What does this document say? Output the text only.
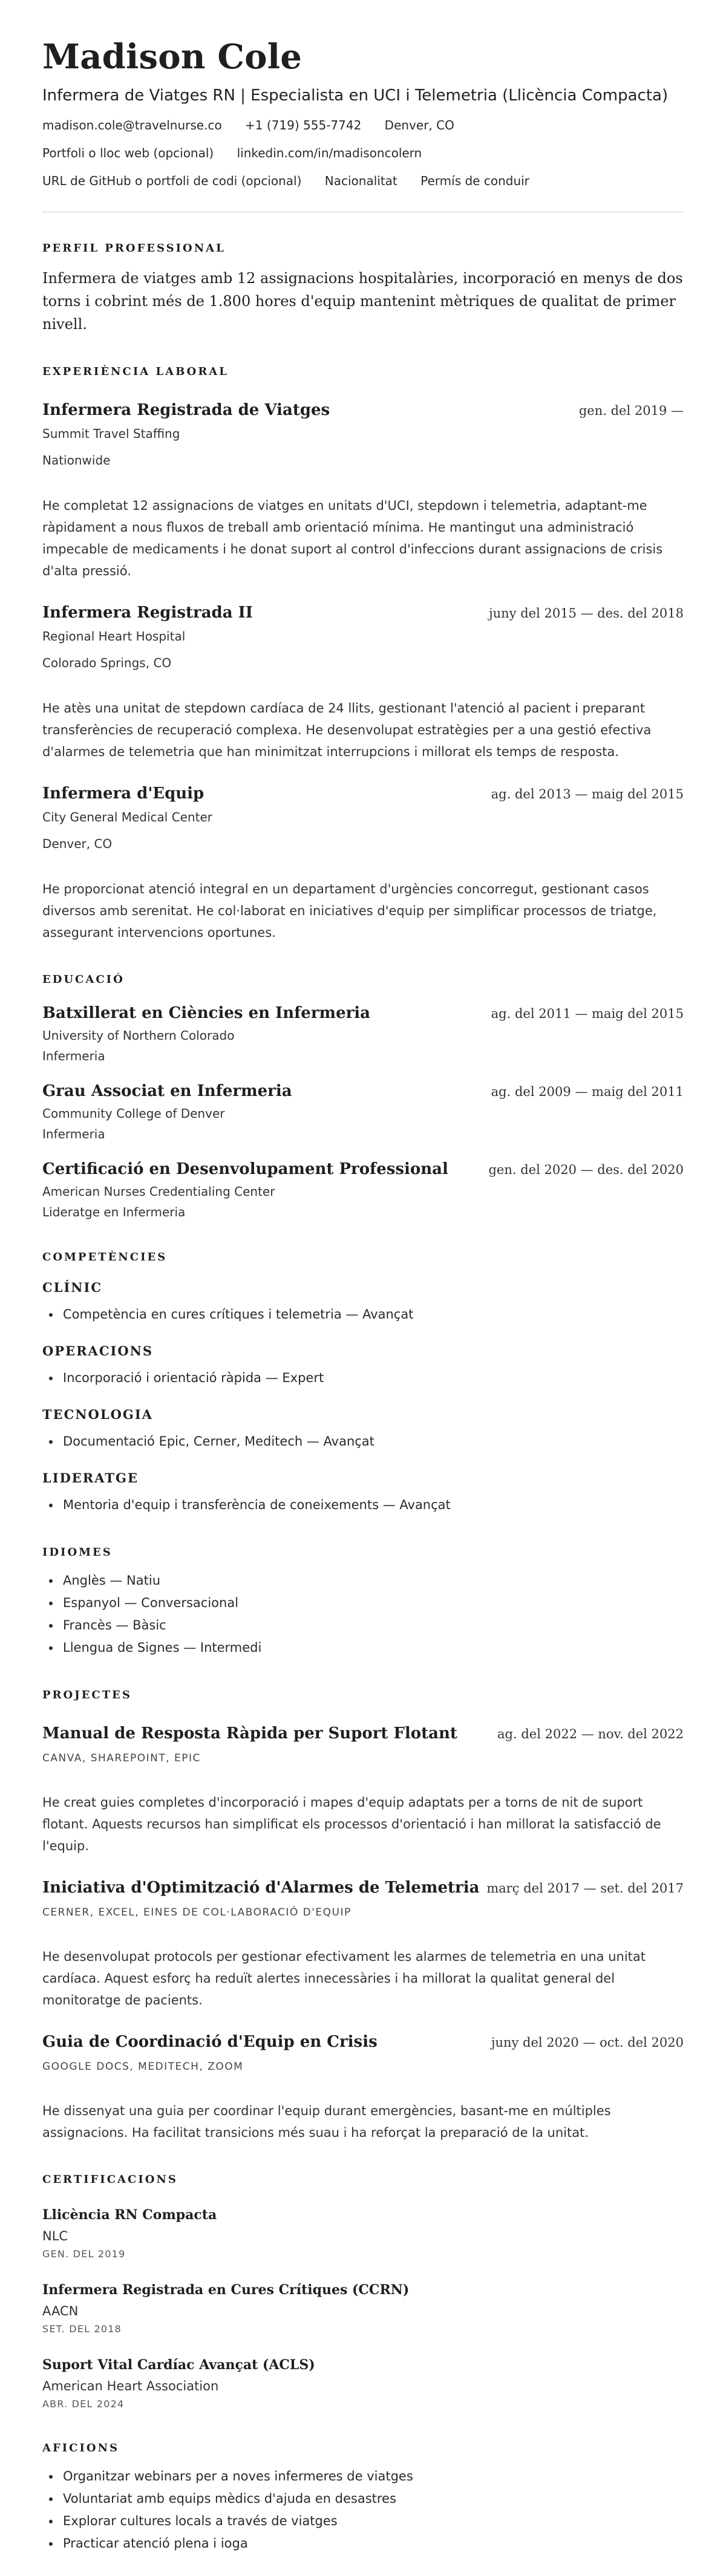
Madison Cole
Infermera de Viatges RN | Especialista en UCI i Telemetria (Llicència Compacta)
madison.cole@travelnurse.co +1 (719) 555-7742 Denver, CO
Portfoli o lloc web (opcional) linkedin.com/in/madisoncolern
URL de GitHub o portfoli de codi (opcional) Nacionalitat Permís de conduir
PERFIL PROFESSIONAL
Infermera de viatges amb 12 assignacions hospitalàries, incorporació en menys de dos torns i cobrint més de 1.800 hores d'equip mantenint mètriques de qualitat de primer nivell.
EXPERIÈNCIA LABORAL
Infermera Registrada de Viatges	gen. del 2019 —
Summit Travel Staffing
Nationwide
He completat 12 assignacions de viatges en unitats d'UCI, stepdown i telemetria, adaptant-me ràpidament a nous fluxos de treball amb orientació mínima. He mantingut una administració impecable de medicaments i he donat suport al control d'infeccions durant assignacions de crisis d'alta pressió.
Infermera Registrada II	juny del 2015 — des. del 2018
Regional Heart Hospital
Colorado Springs, CO
He atès una unitat de stepdown cardíaca de 24 llits, gestionant l'atenció al pacient i preparant transferències de recuperació complexa. He desenvolupat estratègies per a una gestió efectiva d'alarmes de telemetria que han minimitzat interrupcions i millorat els temps de resposta.
Infermera d'Equip	ag. del 2013 — maig del 2015
City General Medical Center
Denver, CO
He proporcionat atenció integral en un departament d'urgències concorregut, gestionant casos diversos amb serenitat. He col·laborat en iniciatives d'equip per simplificar processos de triatge, assegurant intervencions oportunes.
EDUCACIÓ
Batxillerat en Ciències en Infermeria	ag. del 2011 — maig del 2015
University of Northern Colorado
Infermeria
Grau Associat en Infermeria	ag. del 2009 — maig del 2011
Community College of Denver
Infermeria
Certificació en Desenvolupament Professional	gen. del 2020 — des. del 2020
American Nurses Credentialing Center
Lideratge en Infermeria
COMPETÈNCIES
CLÍNIC
• Competència en cures crítiques i telemetria — Avançat
OPERACIONS
• Incorporació i orientació ràpida — Expert
TECNOLOGIA
• Documentació Epic, Cerner, Meditech — Avançat
LIDERATGE
• Mentoria d'equip i transferència de coneixements — Avançat
IDIOMES
• Anglès — Natiu
• Espanyol — Conversacional
• Francès — Bàsic
• Llengua de Signes — Intermedi
PROJECTES
Manual de Resposta Ràpida per Suport Flotant	ag. del 2022 — nov. del 2022
CANVA, SHAREPOINT, EPIC
He creat guies completes d'incorporació i mapes d'equip adaptats per a torns de nit de suport flotant. Aquests recursos han simplificat els processos d'orientació i han millorat la satisfacció de l'equip.
Iniciativa d'Optimització d'Alarmes de Telemetria març del 2017 — set. del 2017
CERNER, EXCEL, EINES DE COL·LABORACIÓ D'EQUIP
He desenvolupat protocols per gestionar efectivament les alarmes de telemetria en una unitat cardíaca. Aquest esforç ha reduït alertes innecessàries i ha millorat la qualitat general del monitoratge de pacients.
Guia de Coordinació d'Equip en Crisis	juny del 2020 — oct. del 2020
GOOGLE DOCS, MEDITECH, ZOOM
He dissenyat una guia per coordinar l'equip durant emergències, basant-me en múltiples assignacions. Ha facilitat transicions més suau i ha reforçat la preparació de la unitat.
CERTIFICACIONS
Llicència RN Compacta
NLC
GEN. DEL 2019
Infermera Registrada en Cures Crítiques (CCRN)
AACN
SET. DEL 2018
Suport Vital Cardíac Avançat (ACLS)
American Heart Association
ABR. DEL 2024
AFICIONS
• Organitzar webinars per a noves infermeres de viatges
• Voluntariat amb equips mèdics d'ajuda en desastres
• Explorar cultures locals a través de viatges
• Practicar atenció plena i ioga
